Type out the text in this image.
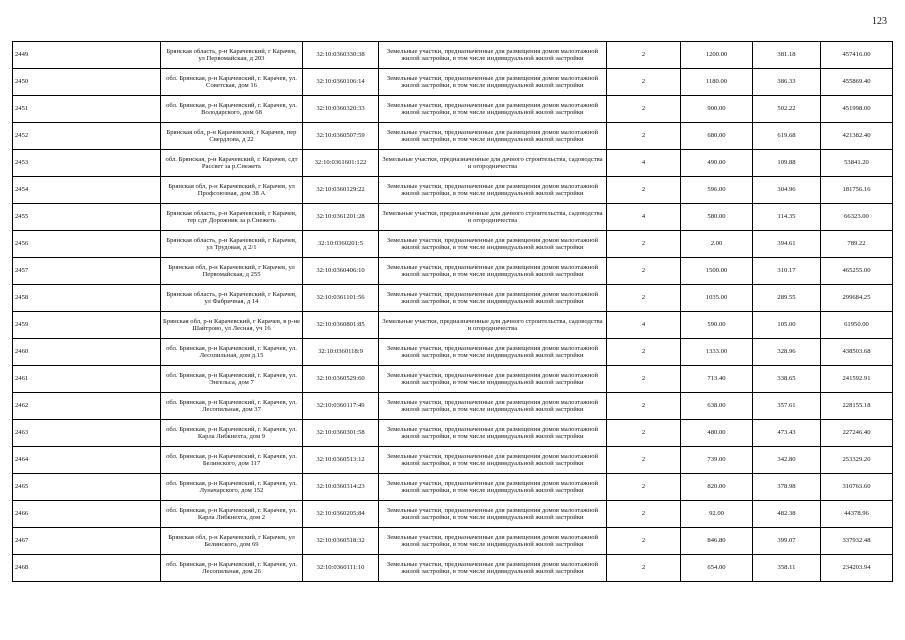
123
2449	Брянская область, р-н Карачевский, г Карачев, ул Первомайская, д 203	32:10:0360330:38	Земельные участки, предназначенные для размещения домов малоэтажной жилой застройки, в том числе индивидуальной жилой застройки	2	1200.00	381.18	457416.00
2450	обл. Брянская, р-н Карачевский, г. Карачев, ул. Советская, дом 16	32:10:0360106:14	Земельные участки, предназначенные для размещения домов малоэтажной жилой застройки, в том числе индивидуальной жилой застройки	2	1180.00	386.33	455869.40
2451	обл. Брянская, р-н Карачевский, г. Карачев, ул. Володарского, дом 68	32:10:0360320:33	Земельные участки, предназначенные для размещения домов малоэтажной жилой застройки, в том числе индивидуальной жилой застройки	2	900.00	502.22	451998.00
2452	Брянская обл, р-н Карачевский, г Карачев, пер Свердлова, д 22	32:10:0360507:59	Земельные участки, предназначенные для размещения домов малоэтажной жилой застройки, в том числе индивидуальной жилой застройки	2	680.00	619.68	421382.40
2453	обл. Брянская, р-н Карачевский, г. Карачев, сдт Рассвет за р.Снежеть	32:10:0361601:122	Земельные участки, предназначенные для дачного строительства, садоводства и огородничества	4	490.00	109.88	53841.20
2454	Брянская обл, р-н Карачевский, г Карачев, ул Профсоюзная, дом 38 А	32:10:0360129:22	Земельные участки, предназначенные для размещения домов малоэтажной жилой застройки, в том числе индивидуальной жилой застройки	2	596.00	304.96	181756.16
2455	Брянская область, р-н Карачевский, г Карачев, тер сдт Дорожник за р.Снежеть	32:10:0361201:28	Земельные участки, предназначенные для дачного строительства, садоводства и огородничества	4	580.00	114.35	66323.00
2456	Брянская область, р-н Карачевский, г Карачев, ул Трудовая, д 2/1	32:10:0360201:5	Земельные участки, предназначенные для размещения домов малоэтажной жилой застройки, в том числе индивидуальной жилой застройки	2	2.00	394.61	789.22
2457	Брянская обл, р-н Карачевский, г Карачев, ул Первомайская, д 255	32:10:0360406:10	Земельные участки, предназначенные для размещения домов малоэтажной жилой застройки, в том числе индивидуальной жилой застройки	2	1500.00	310.17	465255.00
2458	Брянская область, р-н Карачевский, г Карачев, ул Фабричная, д 14	32:10:0361101:56	Земельные участки, предназначенные для размещения домов малоэтажной жилой застройки, в том числе индивидуальной жилой застройки	2	1035.00	289.55	299684.25
2459	Брянская обл, р-н Карачевский, г Карачев, в р-не Шайтрово, ул Лесная, уч 16	32:10:0360801:85	Земельные участки, предназначенные для дачного строительства, садоводства и огородничества	4	590.00	105.00	61950.00
2460	обл. Брянская, р-н Карачевский, г. Карачев, ул. Лесопильная, дом д.15	32:10:0360118:9	Земельные участки, предназначенные для размещения домов малоэтажной жилой застройки, в том числе индивидуальной жилой застройки	2	1333.00	328.96	438503.68
2461	обл. Брянская, р-н Карачевский, г. Карачев, ул. Энгельса, дом 7	32:10:0360529:60	Земельные участки, предназначенные для размещения домов малоэтажной жилой застройки, в том числе индивидуальной жилой застройки	2	713.40	338.65	241592.91
2462	обл. Брянская, р-н Карачевский, г. Карачев, ул. Лесопильная, дом 37	32:10:0360117:49	Земельные участки, предназначенные для размещения домов малоэтажной жилой застройки, в том числе индивидуальной жилой застройки	2	638.00	357.61	228155.18
2463	обл. Брянская, р-н Карачевский, г. Карачев, ул. Карла Либкнехта, дом 9	32:10:0360301:58	Земельные участки, предназначенные для размещения домов малоэтажной жилой застройки, в том числе индивидуальной жилой застройки	2	480.00	473.43	227246.40
2464	обл. Брянская, р-н Карачевский, г. Карачев, ул. Белинского, дом 117	32:10:0360513:12	Земельные участки, предназначенные для размещения домов малоэтажной жилой застройки, в том числе индивидуальной жилой застройки	2	739.00	342.80	253329.20
2465	обл. Брянская, р-н Карачевский, г. Карачев, ул. Луначарского, дом 152	32:10:0360314:23	Земельные участки, предназначенные для размещения домов малоэтажной жилой застройки, в том числе индивидуальной жилой застройки	2	820.00	378.98	310763.60
2466	обл. Брянская, р-н Карачевский, г. Карачев, ул. Карла Либкнехта, дом 2	32:10:0360205:84	Земельные участки, предназначенные для размещения домов малоэтажной жилой застройки, в том числе индивидуальной жилой застройки	2	92.00	482.38	44378.96
2467	Брянская обл, р-н Карачевский, г Карачев, ул Белинского, дом 69	32:10:0360518:32	Земельные участки, предназначенные для размещения домов малоэтажной жилой застройки, в том числе индивидуальной жилой застройки	2	846.80	399.07	337932.48
2468	обл. Брянская, р-н Карачевский, г. Карачев, ул. Лесопильная, дом 26	32:10:0360111:10	Земельные участки, предназначенные для размещения домов малоэтажной жилой застройки, в том числе индивидуальной жилой застройки	2	654.00	358.11	234203.94
